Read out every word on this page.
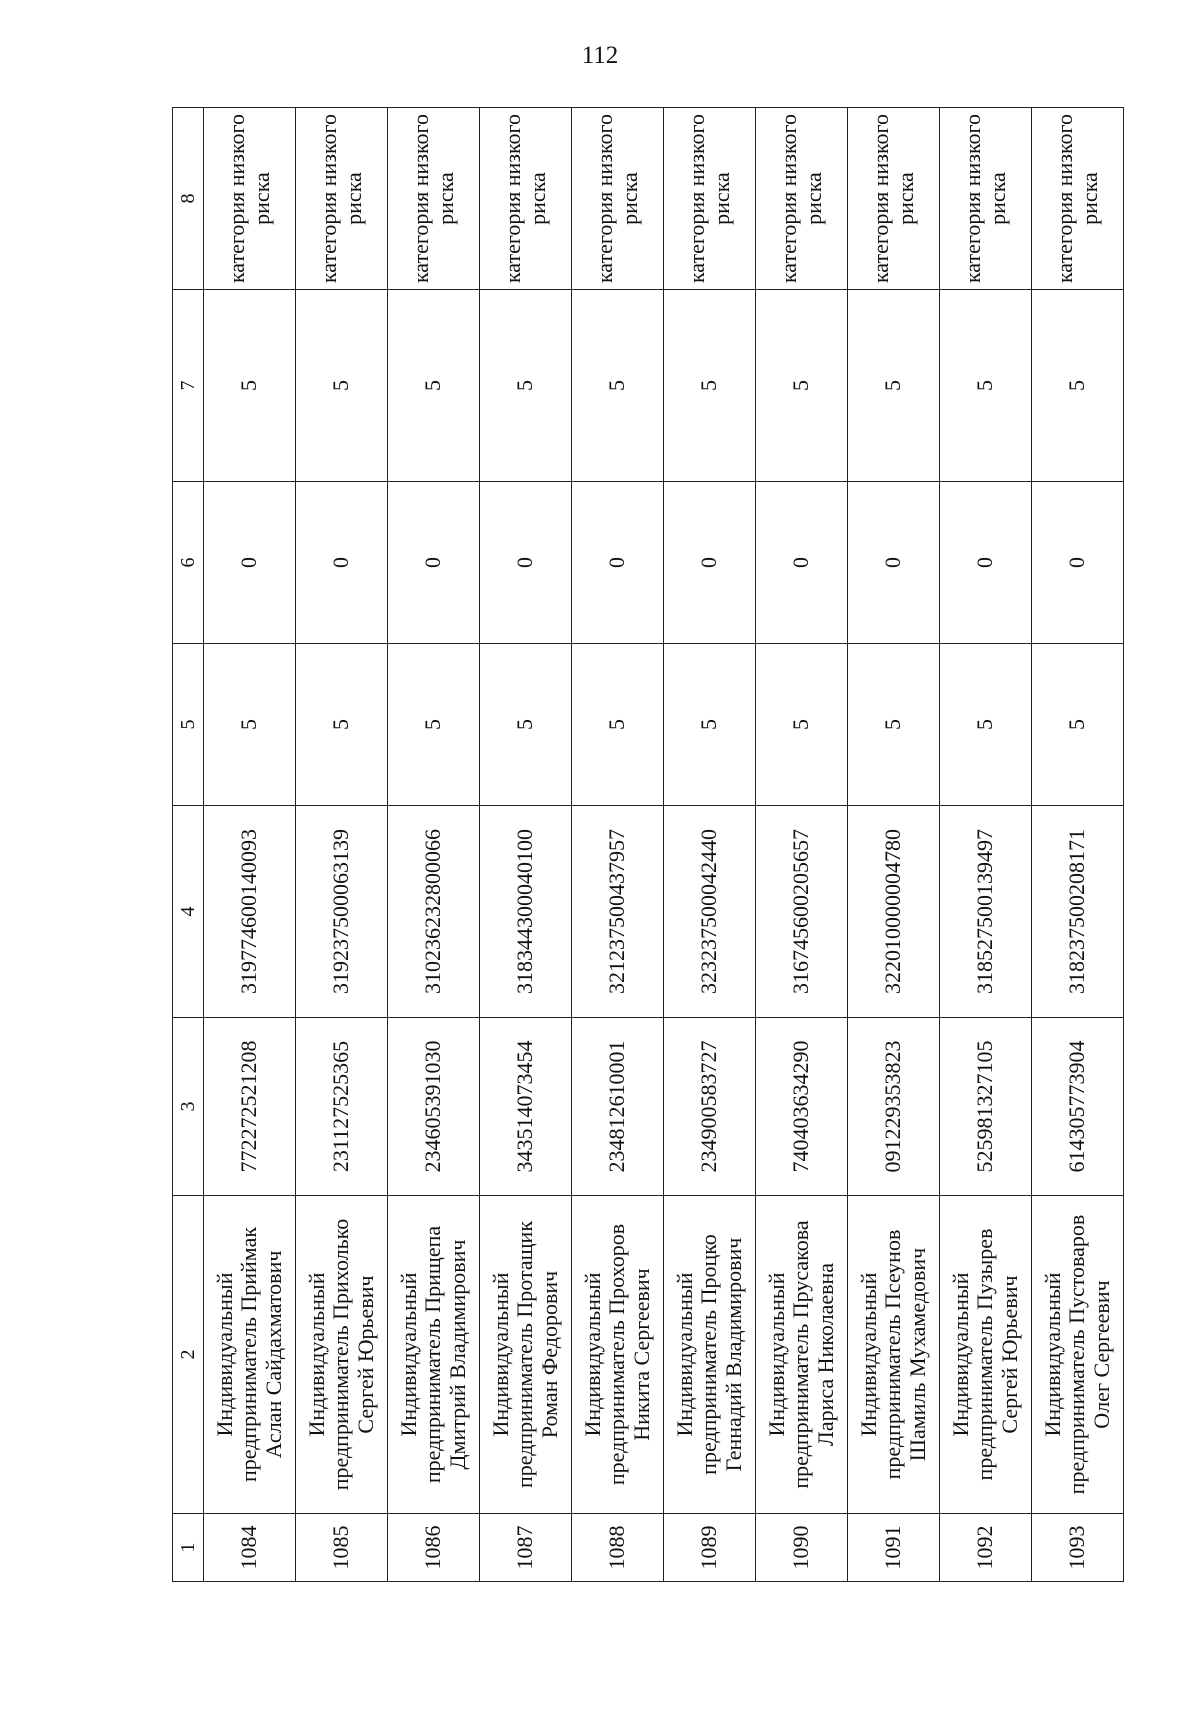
112
1	2	3	4	5	6	7	8
1084	Индивидуальный предприниматель Приймак Аслан Сайдахматович	772272521208	319774600140093	5	0	5	категория низкого риска
1085	Индивидуальный предприниматель Прихолько Сергей Юрьевич	231127525365	319237500063139	5	0	5	категория низкого риска
1086	Индивидуальный предприниматель Прищепа Дмитрий Владимирович	234605391030	310236232800066	5	0	5	категория низкого риска
1087	Индивидуальный предприниматель Протащик Роман Федорович	343514073454	318344300040100	5	0	5	категория низкого риска
1088	Индивидуальный предприниматель Прохоров Никита Сергеевич	234812610001	321237500437957	5	0	5	категория низкого риска
1089	Индивидуальный предприниматель Процко Геннадий Владимирович	234900583727	323237500042440	5	0	5	категория низкого риска
1090	Индивидуальный предприниматель Прусакова Лариса Николаевна	740403634290	316745600205657	5	0	5	категория низкого риска
1091	Индивидуальный предприниматель Псеунов Шамиль Мухамедович	091229353823	322010000004780	5	0	5	категория низкого риска
1092	Индивидуальный предприниматель Пузырев Сергей Юрьевич	525981327105	318527500139497	5	0	5	категория низкого риска
1093	Индивидуальный предприниматель Пустоваров Олег Сергеевич	614305773904	318237500208171	5	0	5	категория низкого риска
